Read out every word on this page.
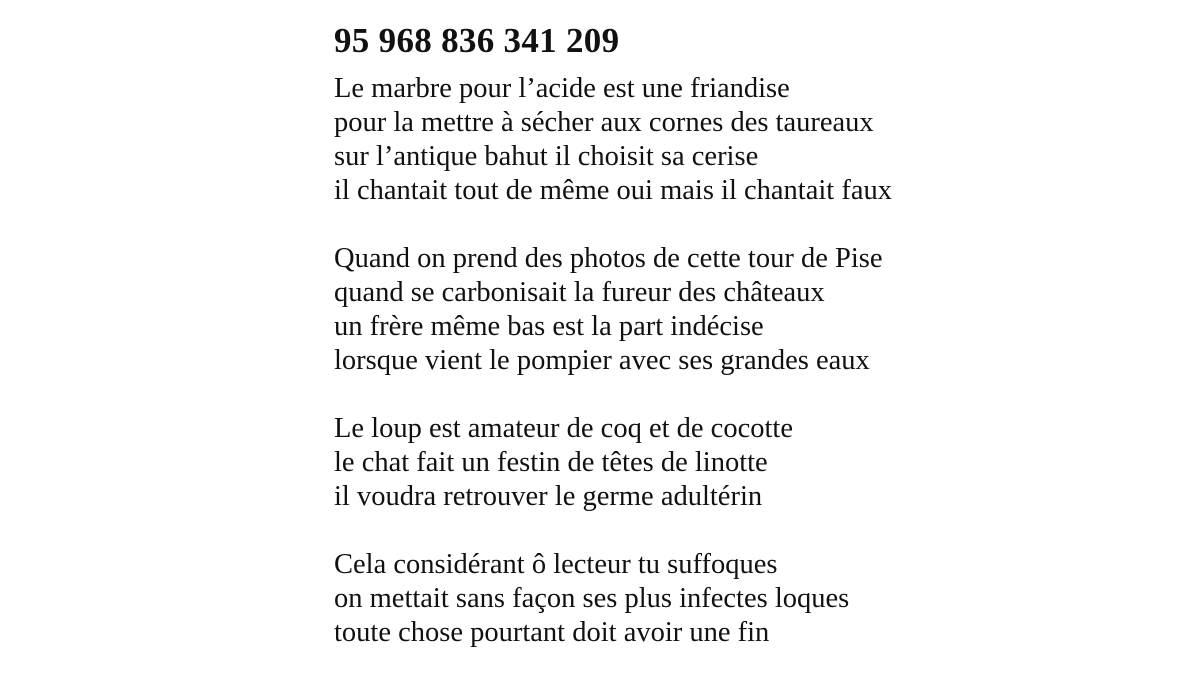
95 968 836 341 209
Le marbre pour l’acide est une friandise
pour la mettre à sécher aux cornes des taureaux
sur l’antique bahut il choisit sa cerise
il chantait tout de même oui mais il chantait faux
Quand on prend des photos de cette tour de Pise
quand se carbonisait la fureur des châteaux
un frère même bas est la part indécise
lorsque vient le pompier avec ses grandes eaux
Le loup est amateur de coq et de cocotte
le chat fait un festin de têtes de linotte
il voudra retrouver le germe adultérin
Cela considérant ô lecteur tu suffoques
on mettait sans façon ses plus infectes loques
toute chose pourtant doit avoir une fin
